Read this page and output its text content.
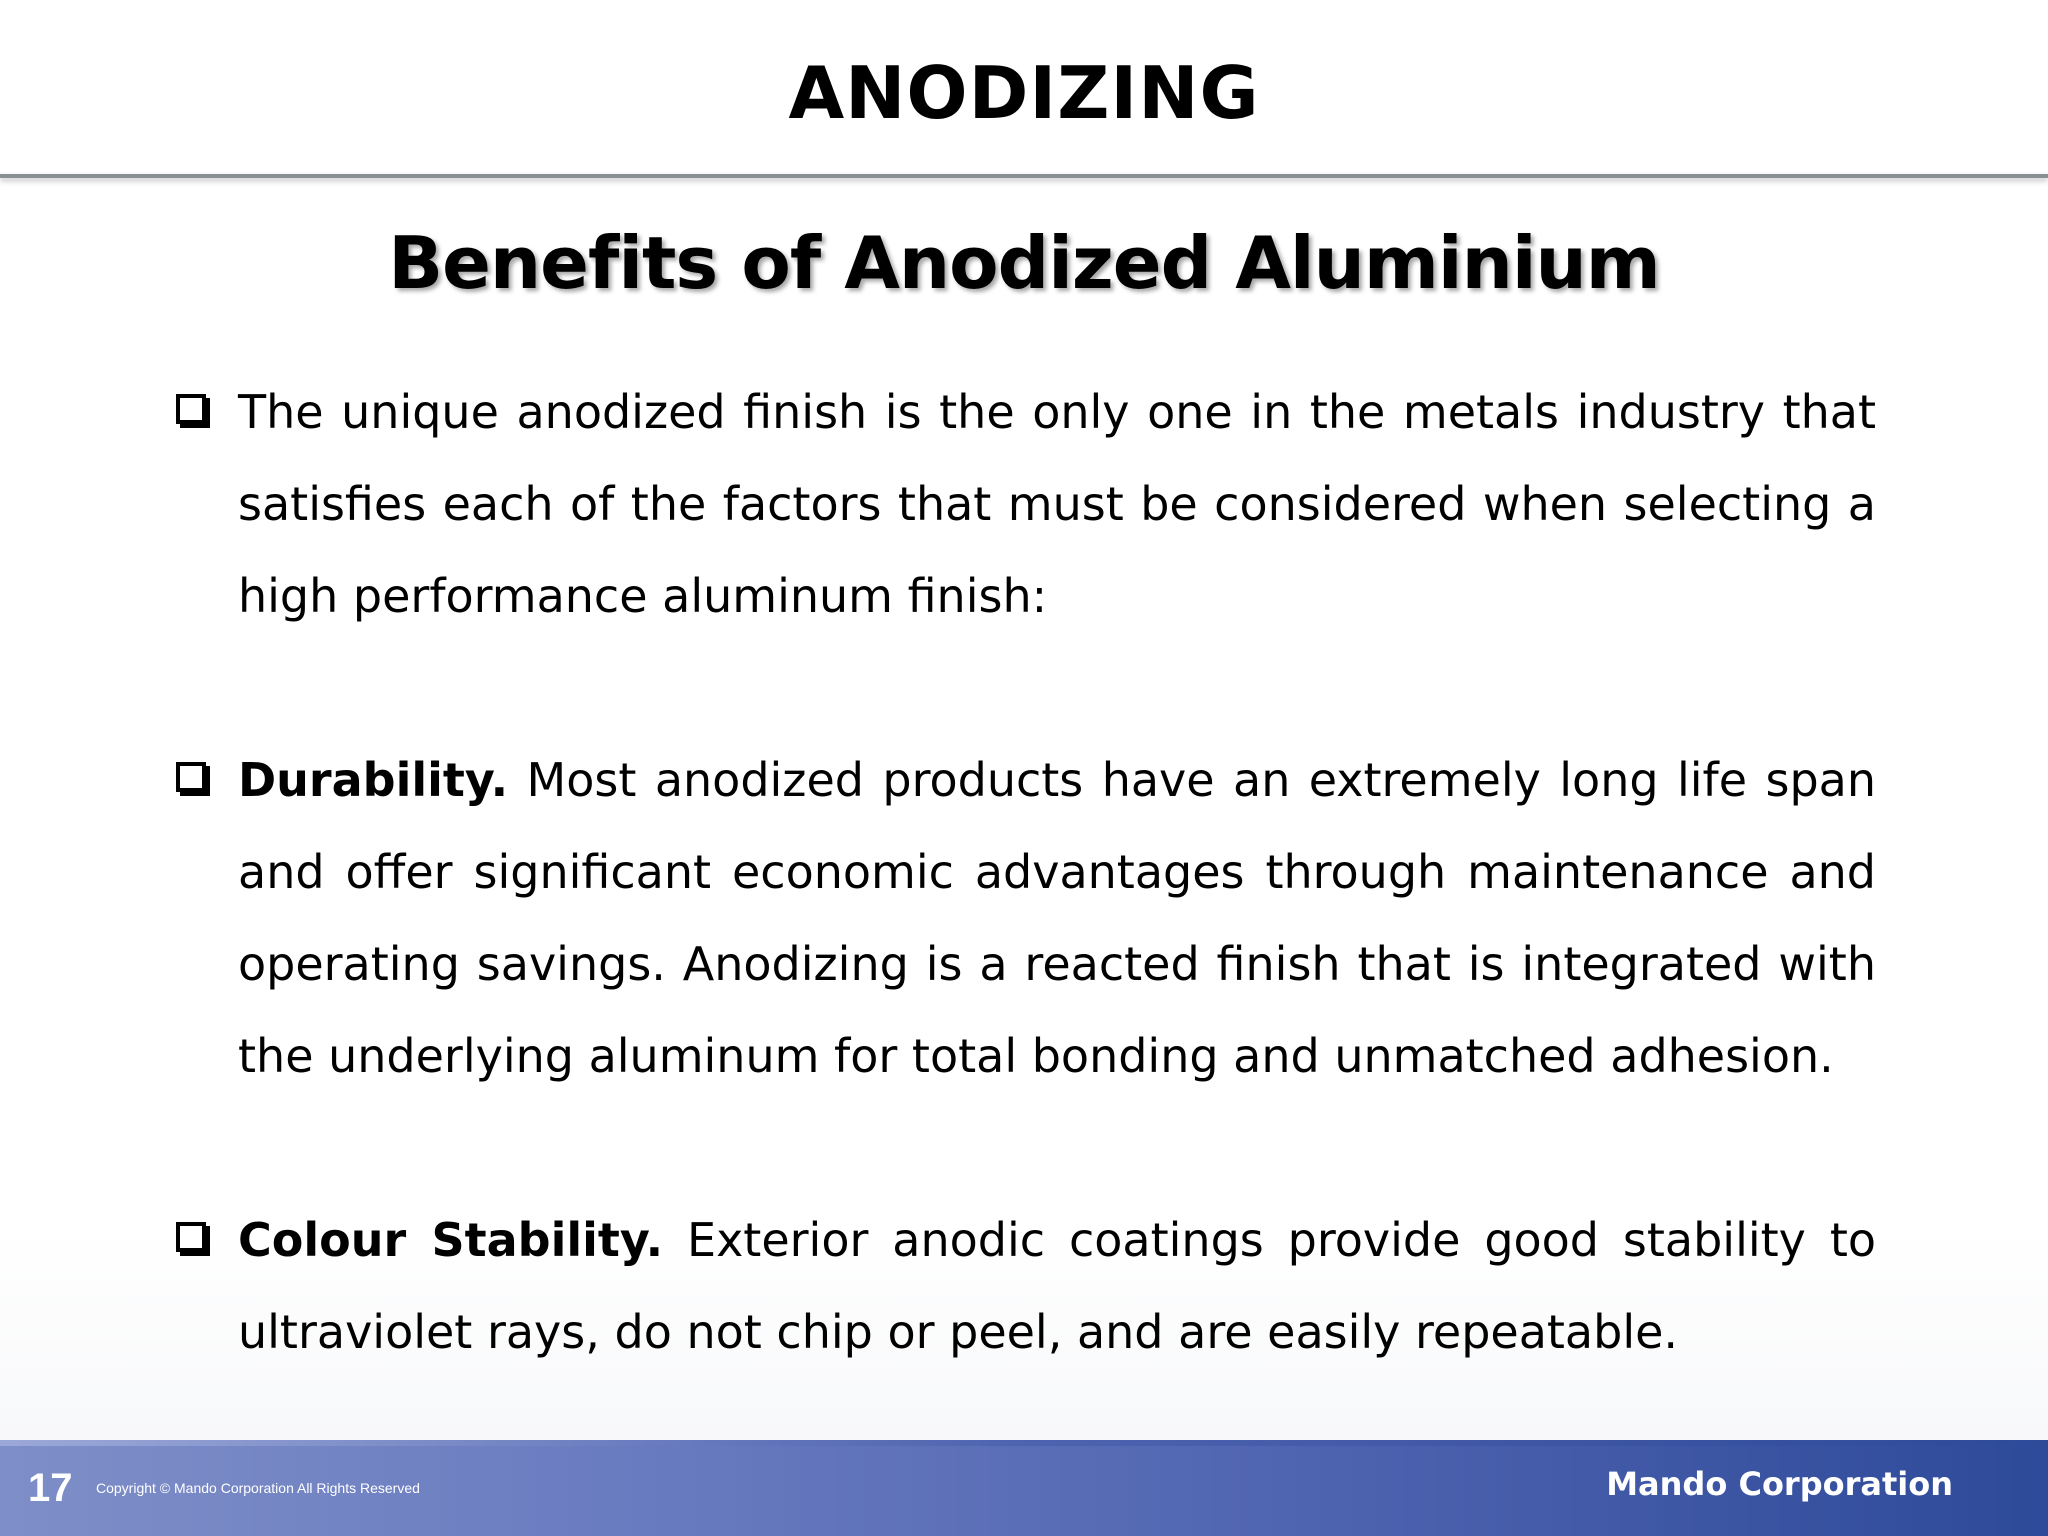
ANODIZING
Benefits of Anodized Aluminium
The unique anodized finish is the only one in the metals industry that satisfies each of the factors that must be considered when selecting a high performance aluminum finish:
Durability. Most anodized products have an extremely long life span and offer significant economic advantages through maintenance and operating savings. Anodizing is a reacted finish that is integrated with the underlying aluminum for total bonding and unmatched adhesion.
Colour Stability. Exterior anodic coatings provide good stability to ultraviolet rays, do not chip or peel, and are easily repeatable.
17 Copyright © Mando Corporation All Rights Reserved	Mando Corporation
